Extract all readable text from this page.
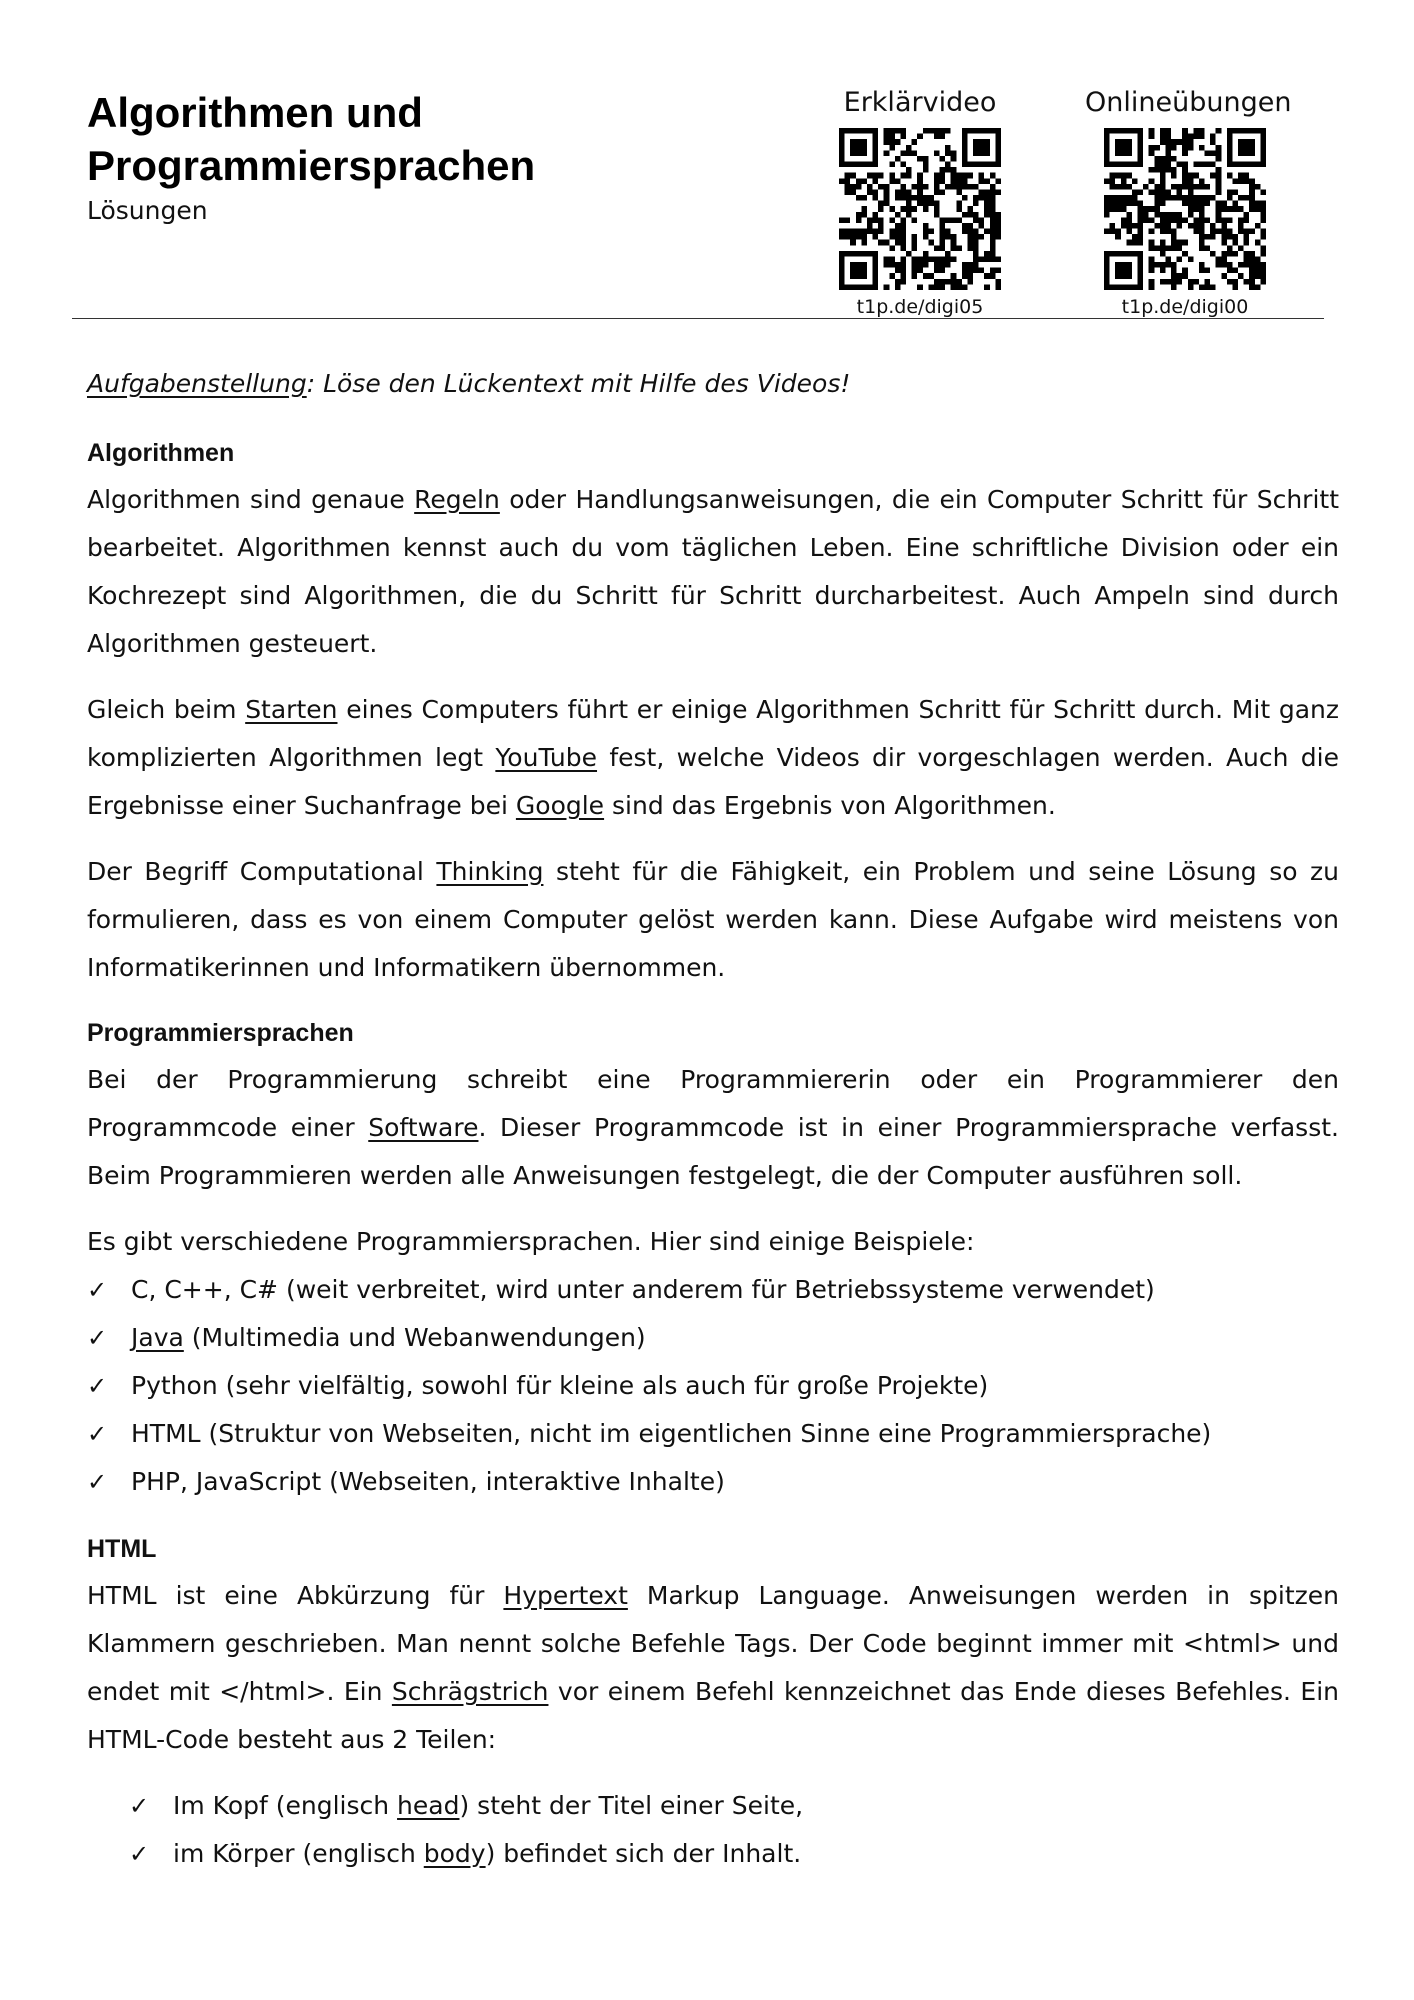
Algorithmen und
Programmiersprachen
Lösungen
Erklärvideo
t1p.de/digi05
Onlineübungen
t1p.de/digi00
Aufgabenstellung: Löse den Lückentext mit Hilfe des Videos!
Algorithmen

Algorithmen sind genaue Regeln oder Handlungsanweisungen, die ein Computer Schritt für Schritt bearbeitet. Algorithmen kennst auch du vom täglichen Leben. Eine schriftliche Division oder ein Kochrezept sind Algorithmen, die du Schritt für Schritt durcharbeitest. Auch Ampeln sind durch Algorithmen gesteuert.

Gleich beim Starten eines Computers führt er einige Algorithmen Schritt für Schritt durch. Mit ganz komplizierten Algorithmen legt YouTube fest, welche Videos dir vorgeschlagen werden. Auch die Ergebnisse einer Suchanfrage bei Google sind das Ergebnis von Algorithmen.

Der Begriff Computational Thinking steht für die Fähigkeit, ein Problem und seine Lösung so zu formulieren, dass es von einem Computer gelöst werden kann. Diese Aufgabe wird meistens von Informatikerinnen und Informatikern übernommen.

Programmiersprachen

Bei der Programmierung schreibt eine Programmiererin oder ein Programmierer den Programmcode einer Software. Dieser Programmcode ist in einer Programmiersprache verfasst. Beim Programmieren werden alle Anweisungen festgelegt, die der Computer ausführen soll.

Es gibt verschiedene Programmiersprachen. Hier sind einige Beispiele:
✓ C, C++, C# (weit verbreitet, wird unter anderem für Betriebssysteme verwendet)
✓ Java (Multimedia und Webanwendungen)
✓ Python (sehr vielfältig, sowohl für kleine als auch für große Projekte)
✓ HTML (Struktur von Webseiten, nicht im eigentlichen Sinne eine Programmiersprache)
✓ PHP, JavaScript (Webseiten, interaktive Inhalte)
HTML

HTML ist eine Abkürzung für Hypertext Markup Language. Anweisungen werden in spitzen Klammern geschrieben. Man nennt solche Befehle Tags. Der Code beginnt immer mit <html> und endet mit </html>. Ein Schrägstrich vor einem Befehl kennzeichnet das Ende dieses Befehles. Ein HTML-Code besteht aus 2 Teilen:

✓ Im Kopf (englisch head) steht der Titel einer Seite,
✓ im Körper (englisch body) befindet sich der Inhalt.
